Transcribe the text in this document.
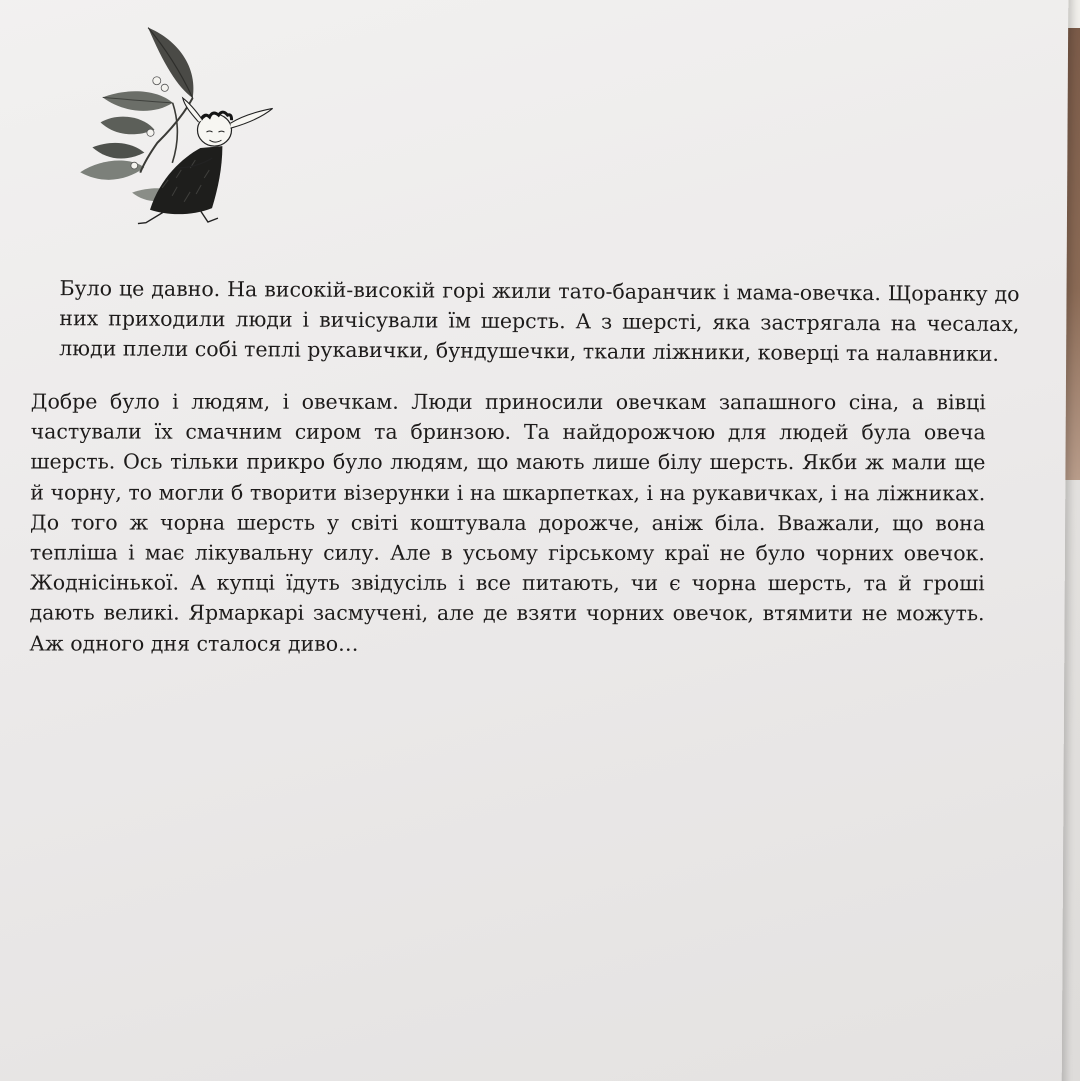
Було це давно. На високій-високій горі жили тато-баранчик і мама-овечка. Щоранку до них приходили люди і вичісували їм шерсть. А з шерсті, яка застрягала на чесалах, люди плели собі теплі рукавички, бундушечки, ткали ліжники, коверці та налавники.

Добре було і людям, і овечкам. Люди приносили овечкам запашного сіна, а вівці частували їх смачним сиром та бринзою. Та найдорожчою для людей була овеча шерсть. Ось тільки прикро було людям, що мають лише білу шерсть. Якби ж мали ще й чорну, то могли б творити візерунки і на шкарпетках, і на рукавичках, і на ліжниках. До того ж чорна шерсть у світі коштувала дорожче, аніж біла. Вважали, що вона тепліша і має лікувальну силу. Але в усьому гірському краї не було чорних овечок. Жоднісінької. А купці їдуть звідусіль і все питають, чи є чорна шерсть, та й гроші дають великі. Ярмаркарі засмучені, але де взяти чорних овечок, втямити не можуть. Аж одного дня сталося диво…
